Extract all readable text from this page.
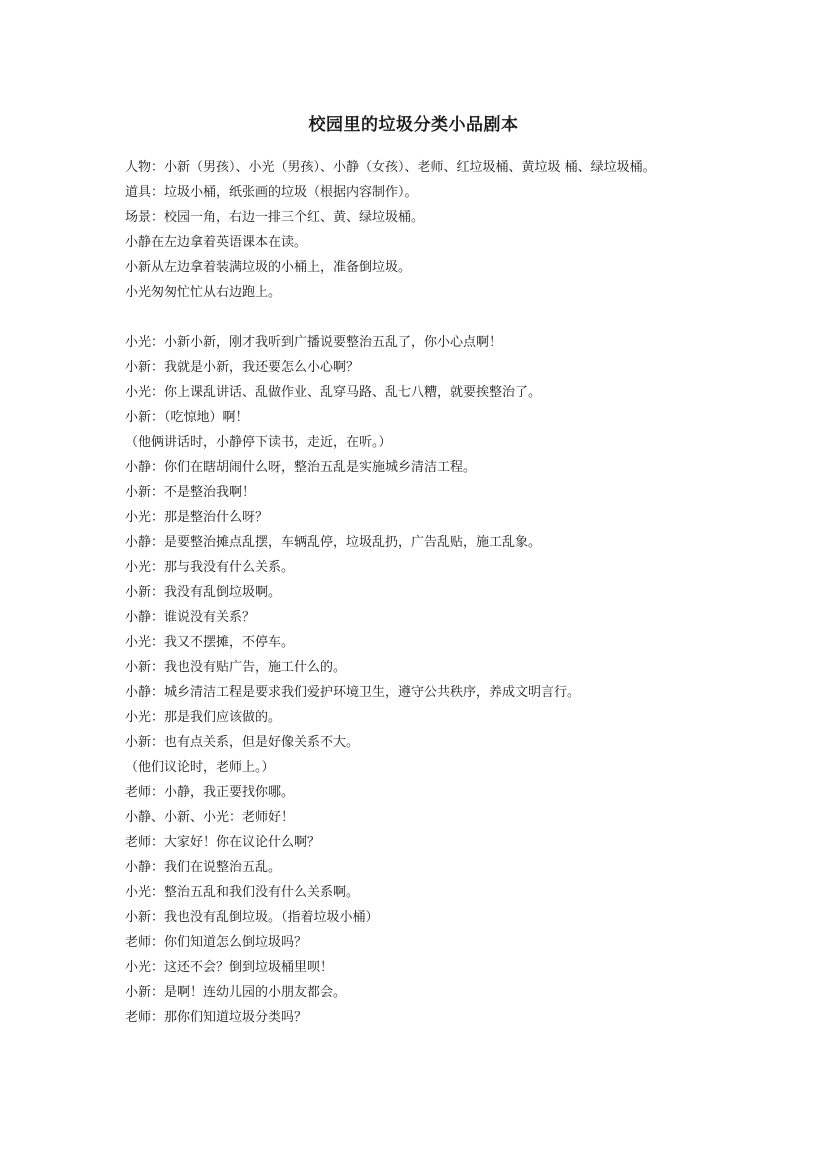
校园里的垃圾分类小品剧本
人物：小新（男孩）、小光（男孩）、小静（女孩）、老师、红垃圾桶、黄垃圾 桶、绿垃圾桶。
道具：垃圾小桶，纸张画的垃圾（根据内容制作）。
场景：校园一角，右边一排三个红、黄、绿垃圾桶。
小静在左边拿着英语课本在读。
小新从左边拿着装满垃圾的小桶上，准备倒垃圾。
小光匆匆忙忙从右边跑上。
小光：小新小新，刚才我听到广播说要整治五乱了，你小心点啊！
小新：我就是小新，我还要怎么小心啊？
小光：你上课乱讲话、乱做作业、乱穿马路、乱七八糟，就要挨整治了。
小新：（吃惊地）啊！
（他俩讲话时，小静停下读书，走近，在听。）
小静：你们在瞎胡闹什么呀，整治五乱是实施城乡清洁工程。
小新：不是整治我啊！
小光：那是整治什么呀？
小静：是要整治摊点乱摆，车辆乱停，垃圾乱扔，广告乱贴，施工乱象。
小光：那与我没有什么关系。
小新：我没有乱倒垃圾啊。
小静：谁说没有关系？
小光：我又不摆摊，不停车。
小新：我也没有贴广告，施工什么的。
小静：城乡清洁工程是要求我们爱护环境卫生，遵守公共秩序，养成文明言行。
小光：那是我们应该做的。
小新：也有点关系，但是好像关系不大。
（他们议论时，老师上。）
老师：小静，我正要找你哪。
小静、小新、小光：老师好！
老师：大家好！你在议论什么啊？
小静：我们在说整治五乱。
小光：整治五乱和我们没有什么关系啊。
小新：我也没有乱倒垃圾。（指着垃圾小桶）
老师：你们知道怎么倒垃圾吗？
小光：这还不会？倒到垃圾桶里呗！
小新：是啊！连幼儿园的小朋友都会。
老师：那你们知道垃圾分类吗？
